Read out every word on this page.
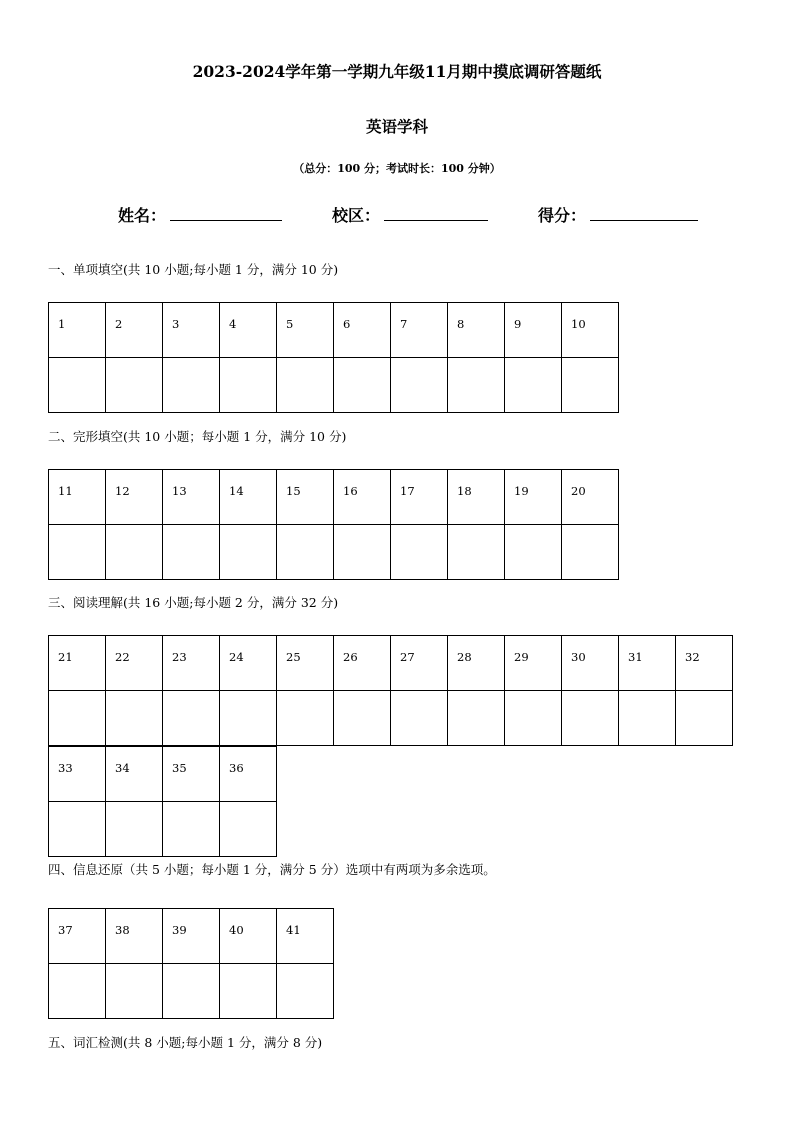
2023-2024学年第一学期九年级11月期中摸底调研答题纸
英语学科
（总分：100 分；考试时长：100 分钟）
姓名：	校区：	得分：
一、单项填空(共 10 小题;每小题 1 分，满分 10 分)
1	2	3	4	5	6	7	8	9	10

二、完形填空(共 10 小题；每小题 1 分，满分 10 分)
11	12	13	14	15	16	17	18	19	20

三、阅读理解(共 16 小题;每小题 2 分，满分 32 分)
21	22	23	24	25	26	27	28	29	30	31	32

33	34	35	36

四、信息还原（共 5 小题；每小题 1 分，满分 5 分）选项中有两项为多余选项。
37	38	39	40	41

五、词汇检测(共 8 小题;每小题 1 分，满分 8 分)
